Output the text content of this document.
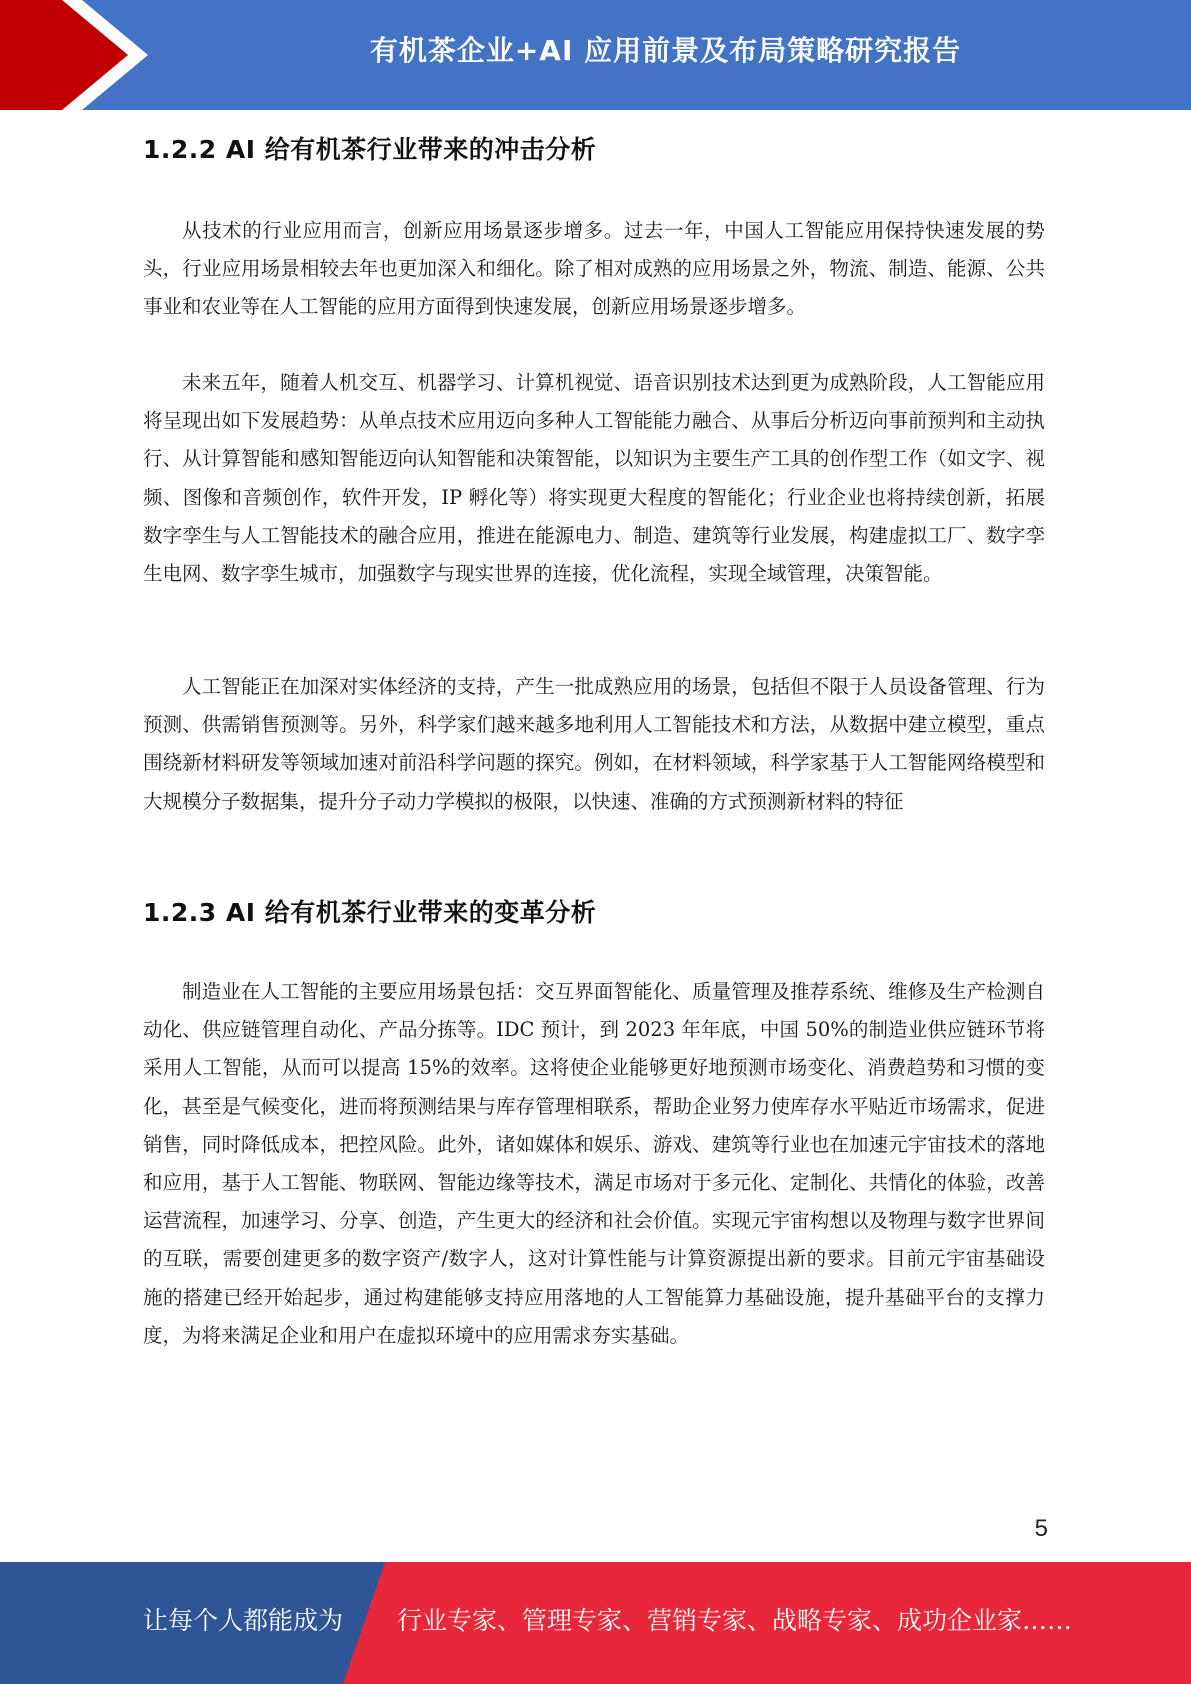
有机茶企业+AI 应用前景及布局策略研究报告
1.2.2 AI 给有机茶行业带来的冲击分析

从技术的行业应用而言，创新应用场景逐步增多。过去一年，中国人工智能应用保持快速发展的势头，行业应用场景相较去年也更加深入和细化。除了相对成熟的应用场景之外，物流、制造、能源、公共事业和农业等在人工智能的应用方面得到快速发展，创新应用场景逐步增多。

未来五年，随着人机交互、机器学习、计算机视觉、语音识别技术达到更为成熟阶段，人工智能应用将呈现出如下发展趋势：从单点技术应用迈向多种人工智能能力融合、从事后分析迈向事前预判和主动执行、从计算智能和感知智能迈向认知智能和决策智能，以知识为主要生产工具的创作型工作（如文字、视频、图像和音频创作，软件开发，IP 孵化等）将实现更大程度的智能化；行业企业也将持续创新，拓展数字孪生与人工智能技术的融合应用，推进在能源电力、制造、建筑等行业发展，构建虚拟工厂、数字孪生电网、数字孪生城市，加强数字与现实世界的连接，优化流程，实现全域管理，决策智能。

人工智能正在加深对实体经济的支持，产生一批成熟应用的场景，包括但不限于人员设备管理、行为预测、供需销售预测等。另外，科学家们越来越多地利用人工智能技术和方法，从数据中建立模型，重点围绕新材料研发等领域加速对前沿科学问题的探究。例如，在材料领域，科学家基于人工智能网络模型和大规模分子数据集，提升分子动力学模拟的极限，以快速、准确的方式预测新材料的特征

1.2.3 AI 给有机茶行业带来的变革分析

制造业在人工智能的主要应用场景包括：交互界面智能化、质量管理及推荐系统、维修及生产检测自动化、供应链管理自动化、产品分拣等。IDC 预计，到 2023 年年底，中国 50%的制造业供应链环节将采用人工智能，从而可以提高 15%的效率。这将使企业能够更好地预测市场变化、消费趋势和习惯的变化，甚至是气候变化，进而将预测结果与库存管理相联系，帮助企业努力使库存水平贴近市场需求，促进销售，同时降低成本，把控风险。此外，诸如媒体和娱乐、游戏、建筑等行业也在加速元宇宙技术的落地和应用，基于人工智能、物联网、智能边缘等技术，满足市场对于多元化、定制化、共情化的体验，改善运营流程，加速学习、分享、创造，产生更大的经济和社会价值。实现元宇宙构想以及物理与数字世界间的互联，需要创建更多的数字资产/数字人，这对计算性能与计算资源提出新的要求。目前元宇宙基础设施的搭建已经开始起步，通过构建能够支持应用落地的人工智能算力基础设施，提升基础平台的支撑力度，为将来满足企业和用户在虚拟环境中的应用需求夯实基础。

5
让每个人都能成为 行业专家、管理专家、营销专家、战略专家、成功企业家……
